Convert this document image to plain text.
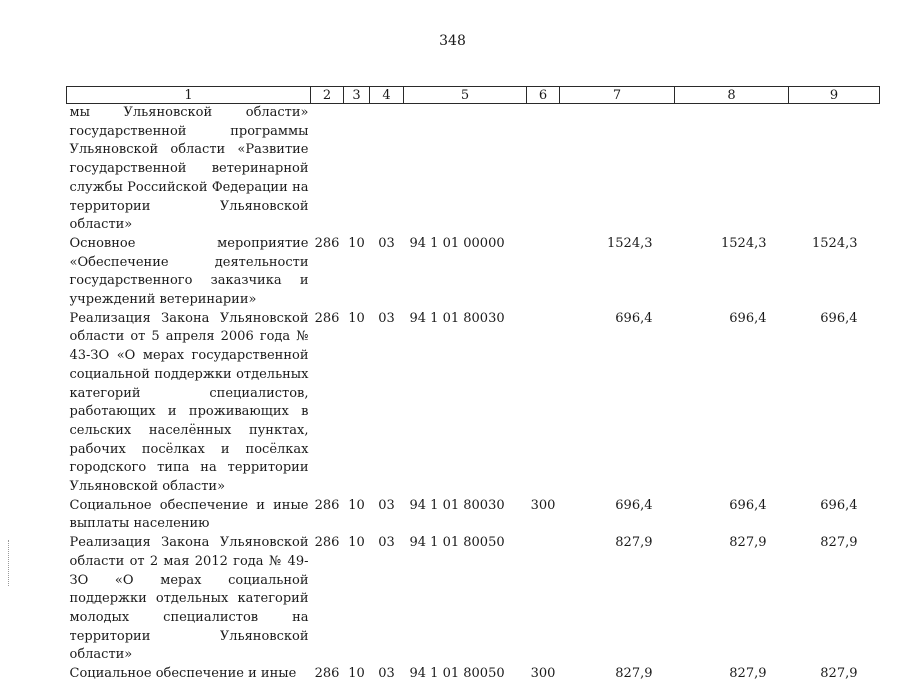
348
1	2	3	4	5	6	7	8	9
мы Ульяновской области» государственной программы Ульяновской области «Развитие государственной ветеринарной службы Российской Федерации на территории Ульяновской области»								
Основное мероприятие «Обеспечение деятельности государственного заказчика и учреждений ветеринарии»	286	10	03	94 1 01 00000		1524,3	1524,3	1524,3
Реализация Закона Ульяновской области от 5 апреля 2006 года № 43-ЗО «О мерах государственной социальной поддержки отдельных категорий специалистов, работающих и проживающих в сельских населённых пунктах, рабочих посёлках и посёлках городского типа на территории Ульяновской области»	286	10	03	94 1 01 80030		696,4	696,4	696,4
Социальное обеспечение и иные выплаты населению	286	10	03	94 1 01 80030	300	696,4	696,4	696,4
Реализация Закона Ульяновской области от 2 мая 2012 года № 49-ЗО «О мерах социальной поддержки отдельных категорий молодых специалистов на территории Ульяновской области»	286	10	03	94 1 01 80050		827,9	827,9	827,9
Социальное обеспечение и иные	286	10	03	94 1 01 80050	300	827,9	827,9	827,9
